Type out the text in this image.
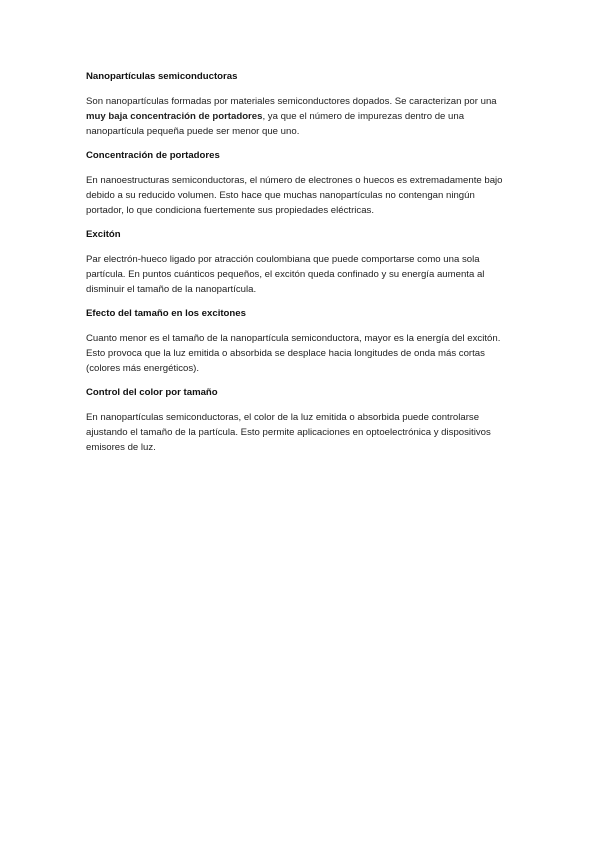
Nanopartículas semiconductoras

Son nanopartículas formadas por materiales semiconductores dopados. Se caracterizan por una muy baja concentración de portadores, ya que el número de impurezas dentro de una nanopartícula pequeña puede ser menor que uno.

Concentración de portadores

En nanoestructuras semiconductoras, el número de electrones o huecos es extremadamente bajo debido a su reducido volumen. Esto hace que muchas nanopartículas no contengan ningún portador, lo que condiciona fuertemente sus propiedades eléctricas.

Excitón

Par electrón-hueco ligado por atracción coulombiana que puede comportarse como una sola partícula. En puntos cuánticos pequeños, el excitón queda confinado y su energía aumenta al disminuir el tamaño de la nanopartícula.

Efecto del tamaño en los excitones

Cuanto menor es el tamaño de la nanopartícula semiconductora, mayor es la energía del excitón. Esto provoca que la luz emitida o absorbida se desplace hacia longitudes de onda más cortas (colores más energéticos).

Control del color por tamaño

En nanopartículas semiconductoras, el color de la luz emitida o absorbida puede controlarse ajustando el tamaño de la partícula. Esto permite aplicaciones en optoelectrónica y dispositivos emisores de luz.
